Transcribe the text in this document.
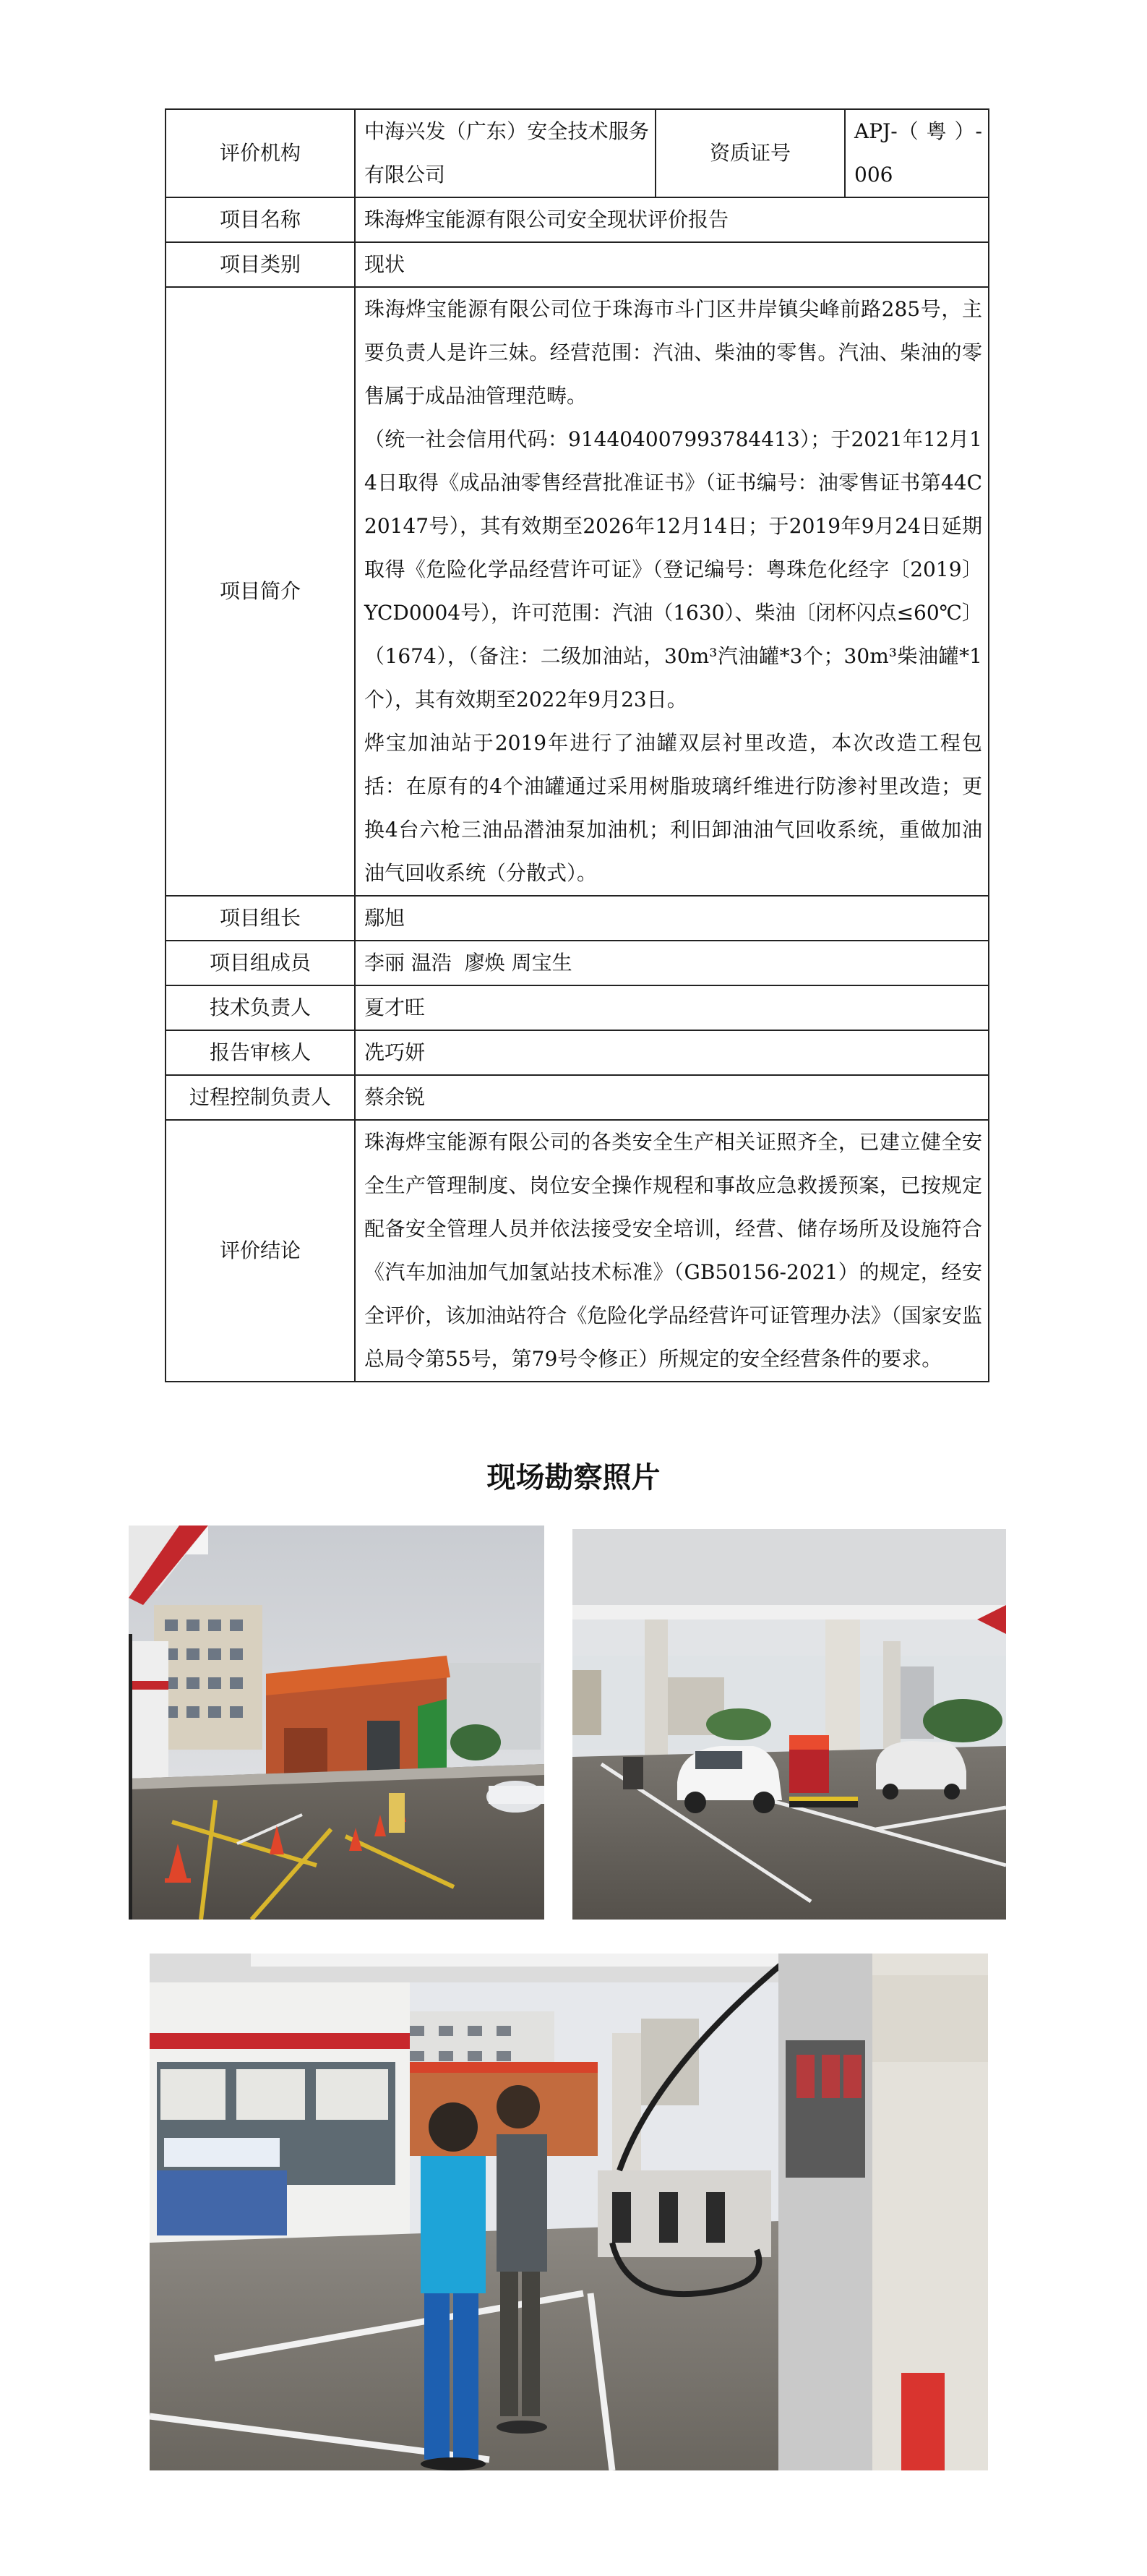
评价机构	中海兴发（广东）安全技术服务有限公司	资质证号	APJ-（ 粤 ）-006
项目名称	珠海烨宝能源有限公司安全现状评价报告		
项目类别	现状		
项目简介	珠海烨宝能源有限公司位于珠海市斗门区井岸镇尖峰前路285号，主要负责人是许三妹。经营范围：汽油、柴油的零售。汽油、柴油的零售属于成品油管理范畴。
（统一社会信用代码：914404007993784413）；于2021年12月14日取得《成品油零售经营批准证书》（证书编号：油零售证书第44C20147号），其有效期至2026年12月14日；于2019年9月24日延期取得《危险化学品经营许可证》（登记编号：粤珠危化经字〔2019〕YCD0004号），许可范围：汽油（1630）、柴油〔闭杯闪点≤60℃〕（1674），（备注：二级加油站，30m³汽油罐*3个；30m³柴油罐*1个），其有效期至2022年9月23日。
烨宝加油站于2019年进行了油罐双层衬里改造，本次改造工程包括：在原有的4个油罐通过采用树脂玻璃纤维进行防渗衬里改造；更换4台六枪三油品潜油泵加油机；利旧卸油油气回收系统，重做加油油气回收系统（分散式）。		

项目组长	鄢旭		
项目组成员	李丽 温浩  廖焕 周宝生		
技术负责人	夏才旺		
报告审核人	冼巧妍		
过程控制负责人	蔡余锐		
评价结论	珠海烨宝能源有限公司的各类安全生产相关证照齐全，已建立健全安全生产管理制度、岗位安全操作规程和事故应急救援预案，已按规定配备安全管理人员并依法接受安全培训，经营、储存场所及设施符合《汽车加油加气加氢站技术标准》（GB50156-2021）的规定，经安全评价，该加油站符合《危险化学品经营许可证管理办法》（国家安监总局令第55号，第79号令修正）所规定的安全经营条件的要求。		
现场勘察照片
